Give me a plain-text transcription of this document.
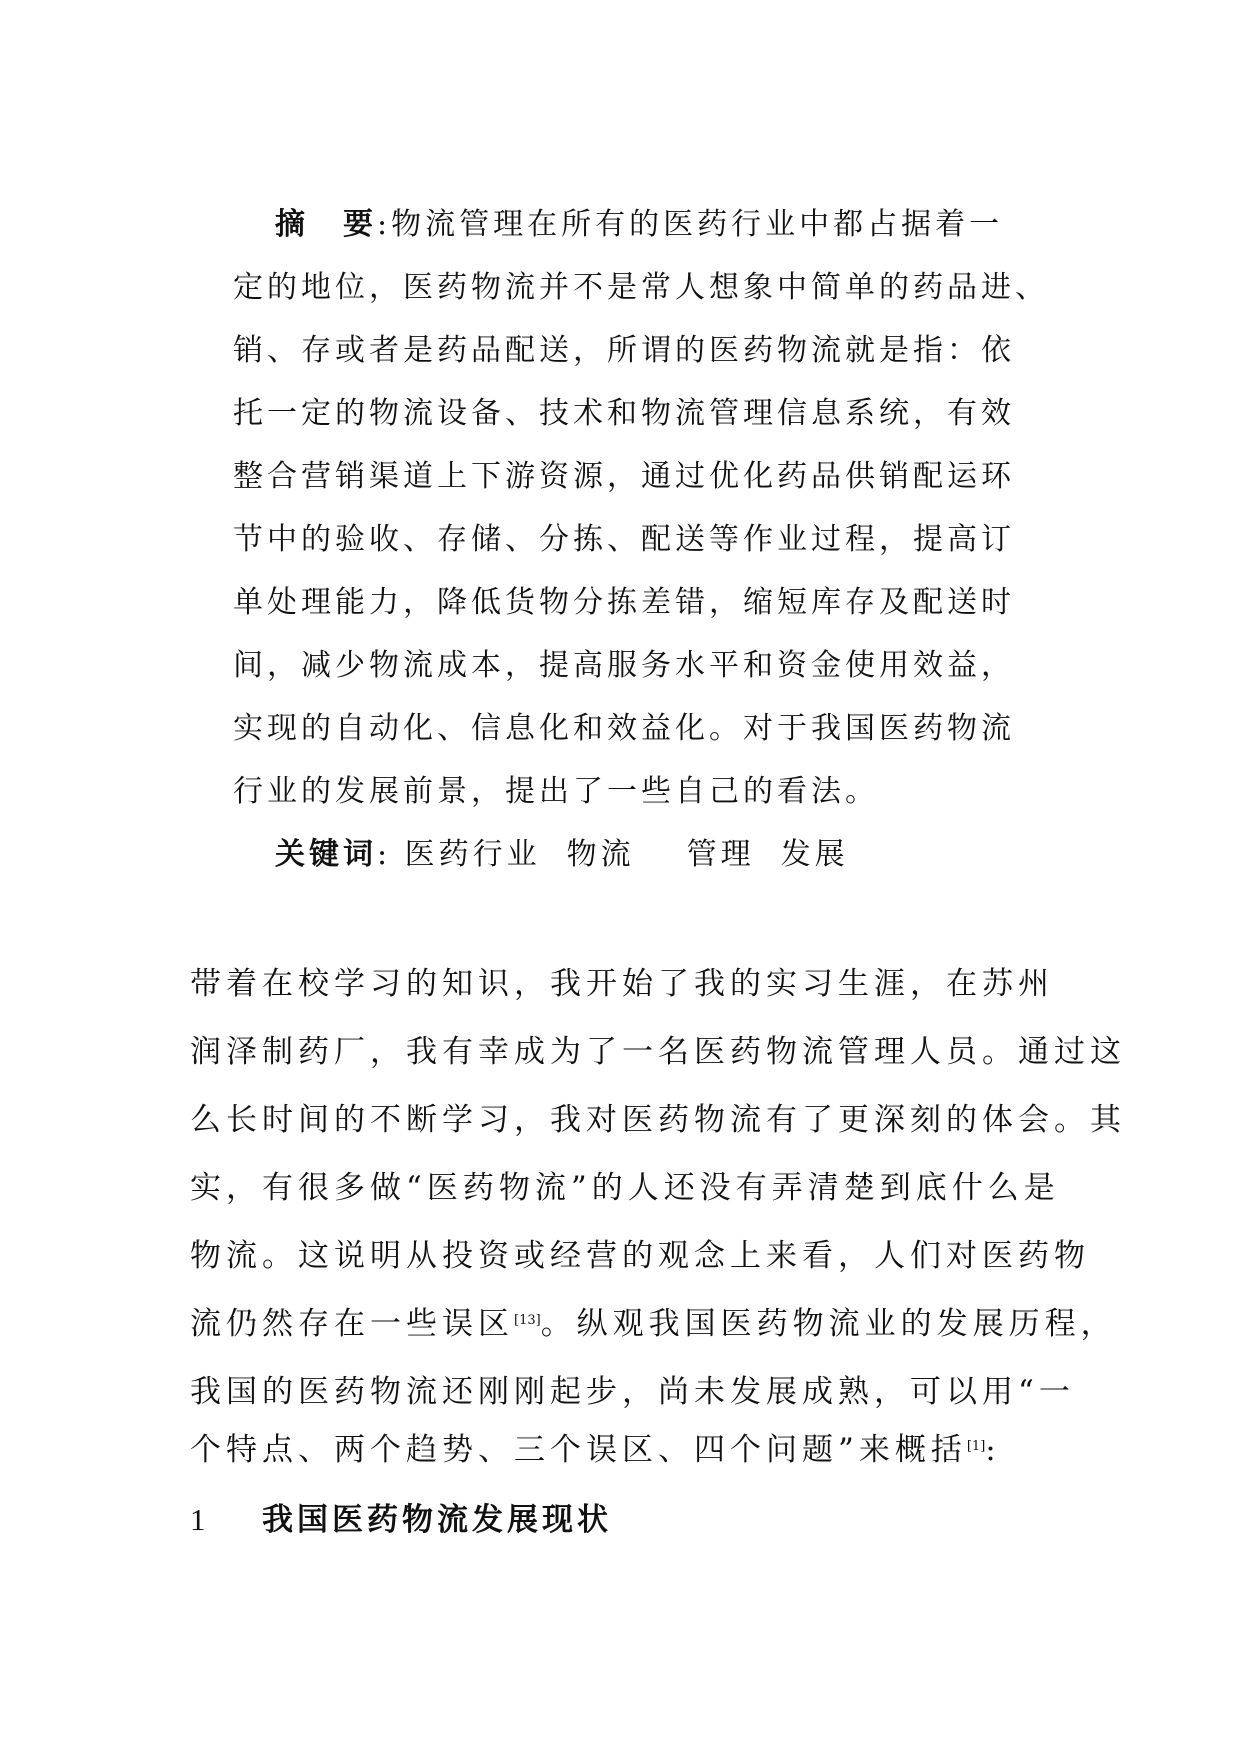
摘　要:物流管理在所有的医药行业中都占据着一
定的地位，医药物流并不是常人想象中简单的药品进、
销、存或者是药品配送，所谓的医药物流就是指：依
托一定的物流设备、技术和物流管理信息系统，有效
整合营销渠道上下游资源，通过优化药品供销配运环
节中的验收、存储、分拣、配送等作业过程，提高订
单处理能力，降低货物分拣差错，缩短库存及配送时
间，减少物流成本，提高服务水平和资金使用效益，
实现的自动化、信息化和效益化。对于我国医药物流
行业的发展前景，提出了一些自己的看法。
关键词: 医药行业 物流 管理 发展
带着在校学习的知识，我开始了我的实习生涯，在苏州
润泽制药厂，我有幸成为了一名医药物流管理人员。通过这
么长时间的不断学习，我对医药物流有了更深刻的体会。其
实，有很多做“医药物流”的人还没有弄清楚到底什么是
物流。这说明从投资或经营的观念上来看，人们对医药物
流仍然存在一些误区[13]。纵观我国医药物流业的发展历程，
我国的医药物流还刚刚起步，尚未发展成熟，可以用“一
个特点、两个趋势、三个误区、四个问题”来概括[1]:
1 我国医药物流发展现状
